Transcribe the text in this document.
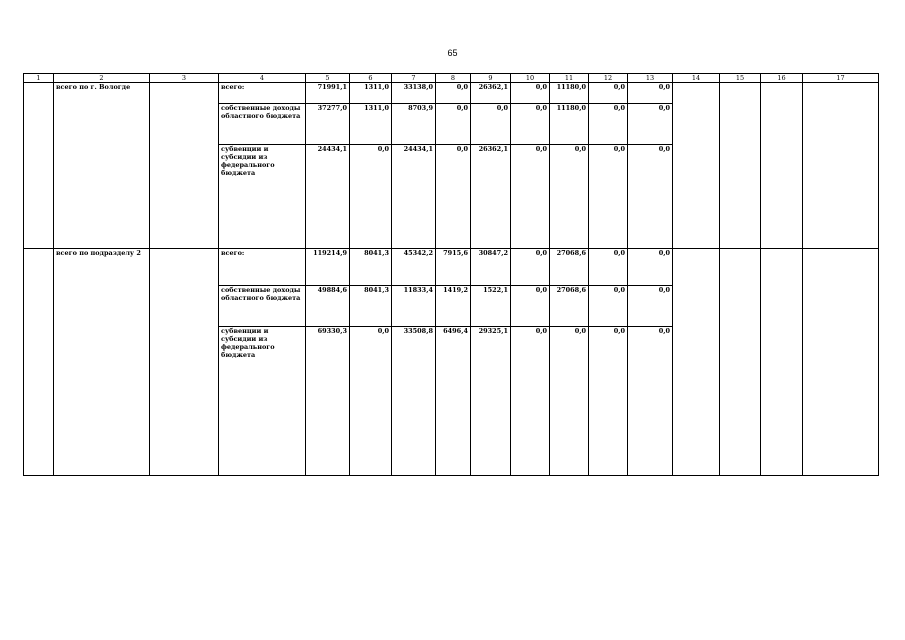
65
1	2	3	4	5	6	7	8	9	10	11	12	13	14	15	16	17
	всего по г. Вологде		всего:	71991,1	1311,0	33138,0	0,0	26362,1	0,0	11180,0	0,0	0,0				
			собственные доходы областного бюджета	37277,0	1311,0	8703,9	0,0	0,0	0,0	11180,0	0,0	0,0				
			субвенции и субсидии из федерального бюджета	24434,1	0,0	24434,1	0,0	26362,1	0,0	0,0	0,0	0,0				
	всего по подразделу 2		всего:	119214,9	8041,3	45342,2	7915,6	30847,2	0,0	27068,6	0,0	0,0				
			собственные доходы областного бюджета	49884,6	8041,3	11833,4	1419,2	1522,1	0,0	27068,6	0,0	0,0				
			субвенции и субсидии из федерального бюджета	69330,3	0,0	33508,8	6496,4	29325,1	0,0	0,0	0,0	0,0				
